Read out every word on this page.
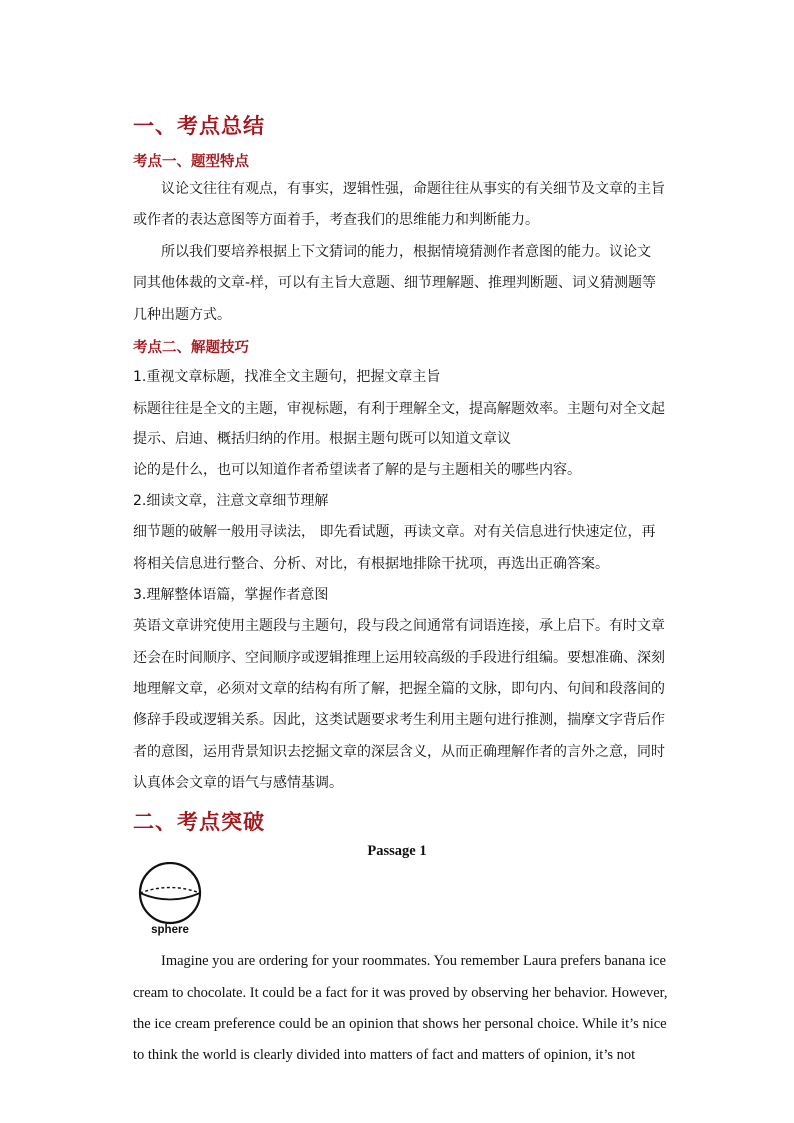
一、考点总结
考点一、题型特点

议论文往往有观点，有事实，逻辑性强，命题往往从事实的有关细节及文章的主旨

或作者的表达意图等方面着手，考查我们的思维能力和判断能力。

所以我们要培养根据上下文猜词的能力，根据情境猜测作者意图的能力。议论文

同其他体裁的文章-样，可以有主旨大意题、细节理解题、推理判断题、词义猜测题等

几种出题方式。

考点二、解题技巧

1.重视文章标题，找准全文主题句，把握文章主旨

标题往往是全文的主题，审视标题，有利于理解全文，提高解题效率。主题句对全文起

提示、启迪、概括归纳的作用。根据主题句既可以知道文章议

论的是什么，也可以知道作者希望读者了解的是与主题相关的哪些内容。

2.细读文章，注意文章细节理解

细节题的破解一般用寻读法， 即先看试题，再读文章。对有关信息进行快速定位，再

将相关信息进行整合、分析、对比，有根据地排除干扰项，再选出正确答案。

3.理解整体语篇，掌握作者意图

英语文章讲究使用主题段与主题句，段与段之间通常有词语连接，承上启下。有时文章

还会在时间顺序、空间顺序或逻辑推理上运用较高级的手段进行组编。要想准确、深刻

地理解文章，必须对文章的结构有所了解，把握全篇的文脉，即句内、句间和段落间的

修辞手段或逻辑关系。因此，这类试题要求考生利用主题句进行推测，揣摩文字背后作

者的意图，运用背景知识去挖掘文章的深层含义，从而正确理解作者的言外之意，同时

认真体会文章的语气与感情基调。

二、考点突破

Passage 1

sphere

Imagine you are ordering for your roommates. You remember Laura prefers banana ice

cream to chocolate. It could be a fact for it was proved by observing her behavior. However,

the ice cream preference could be an opinion that shows her personal choice. While it’s nice

to think the world is clearly divided into matters of fact and matters of opinion, it’s not
